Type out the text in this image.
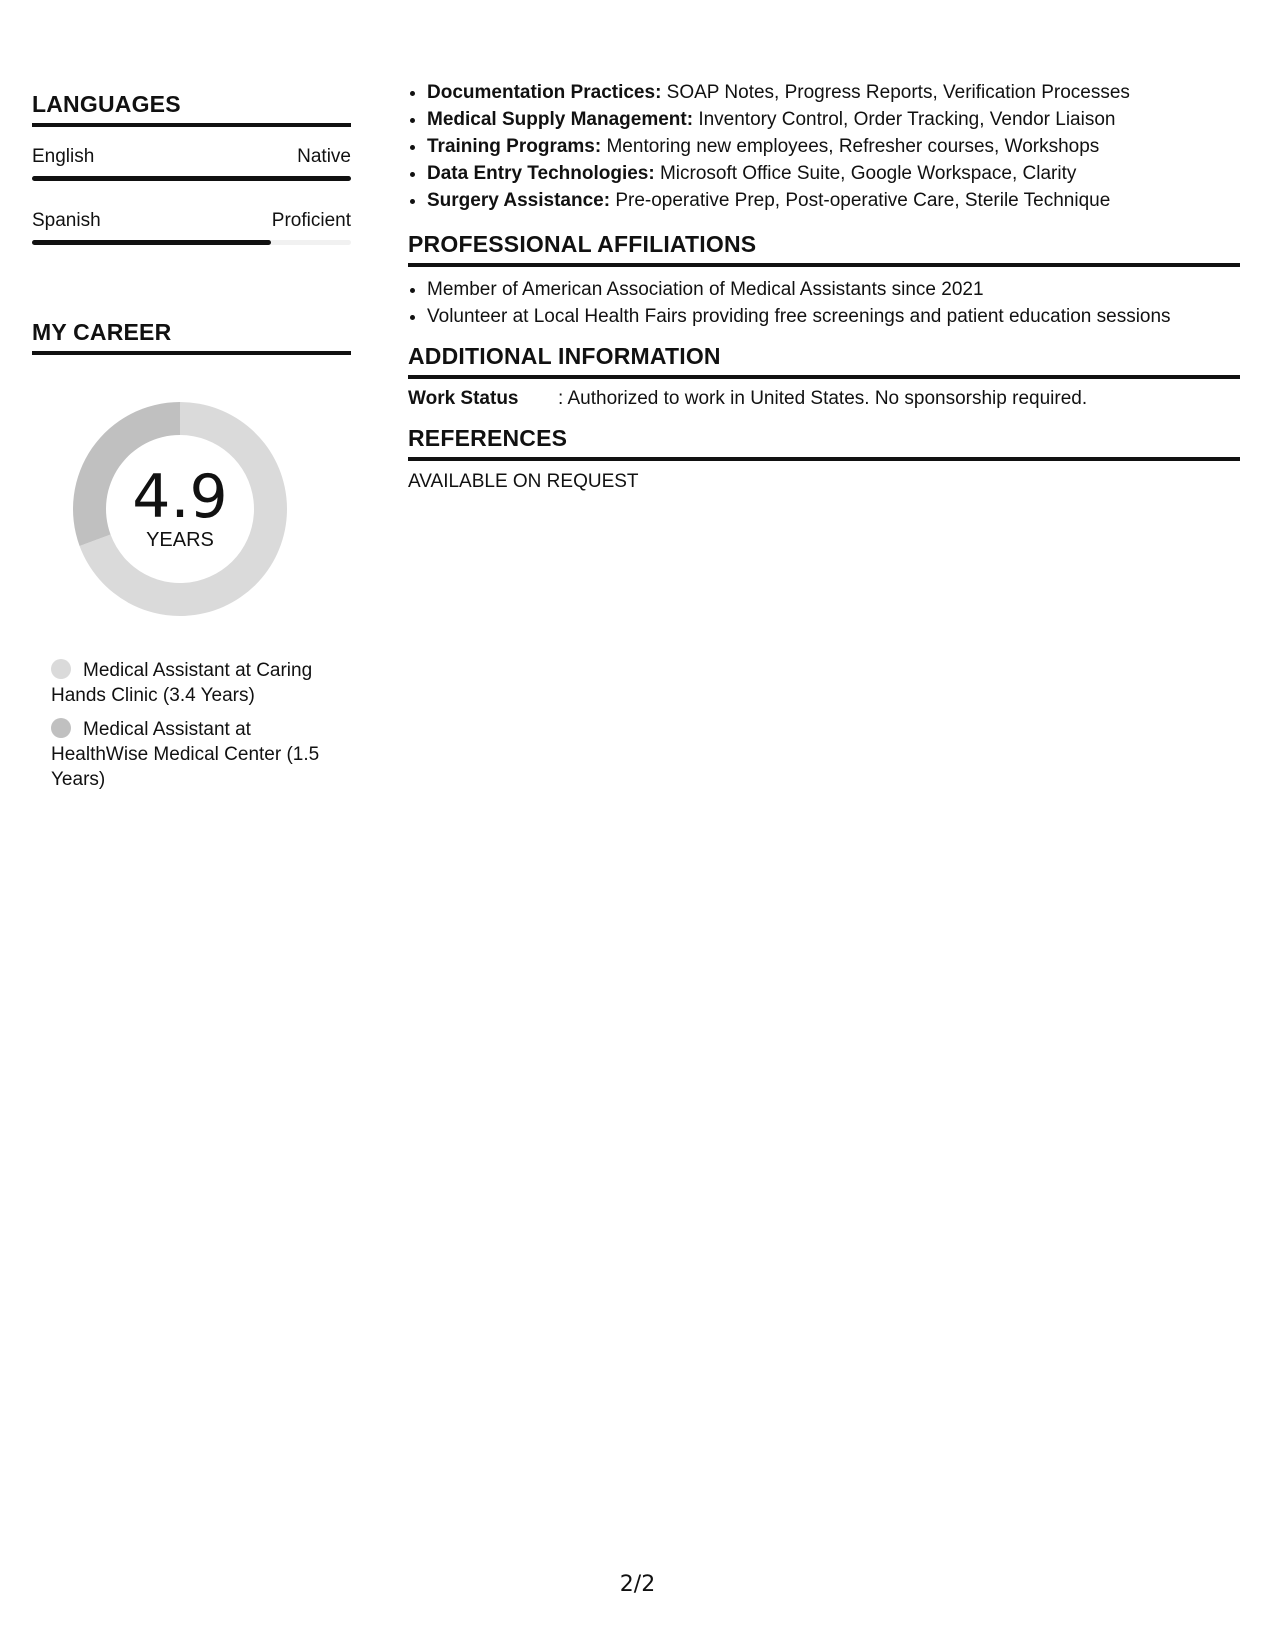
LANGUAGES
English	Native
Spanish	Proficient
MY CAREER
4.9
YEARS
Medical Assistant at Caring Hands Clinic (3.4 Years)
Medical Assistant at HealthWise Medical Center (1.5 Years)
• Documentation Practices: SOAP Notes, Progress Reports, Verification Processes
• Medical Supply Management: Inventory Control, Order Tracking, Vendor Liaison
• Training Programs: Mentoring new employees, Refresher courses, Workshops
• Data Entry Technologies: Microsoft Office Suite, Google Workspace, Clarity
• Surgery Assistance: Pre-operative Prep, Post-operative Care, Sterile Technique
PROFESSIONAL AFFILIATIONS
• Member of American Association of Medical Assistants since 2021
• Volunteer at Local Health Fairs providing free screenings and patient education sessions
ADDITIONAL INFORMATION
Work Status	: Authorized to work in United States. No sponsorship required.
REFERENCES
AVAILABLE ON REQUEST
2/2
